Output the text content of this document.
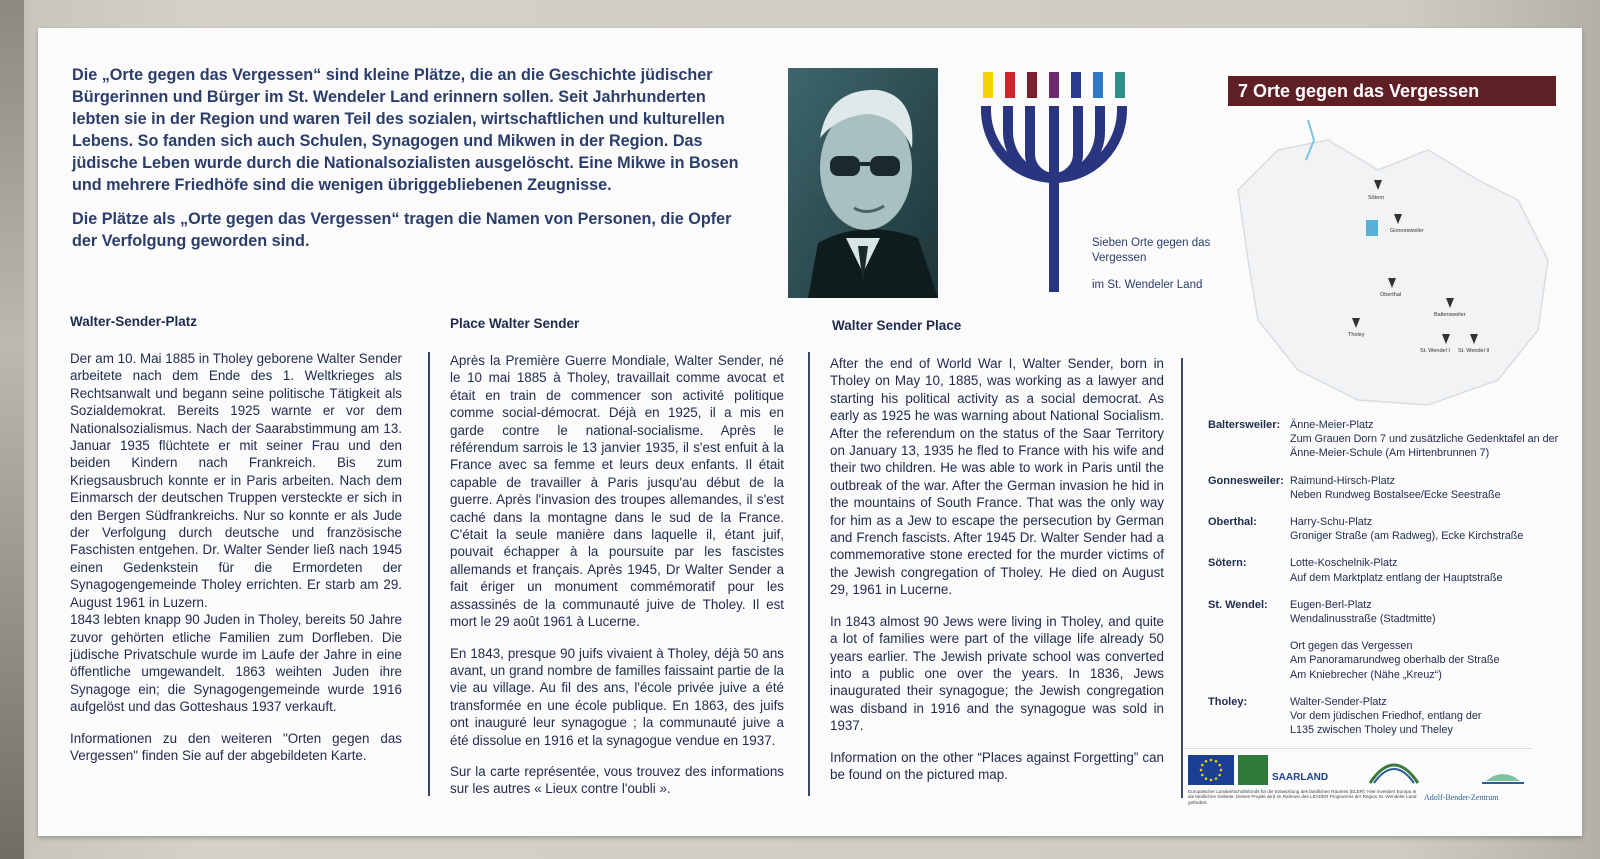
Die „Orte gegen das Vergessen“ sind kleine Plätze, die an die Geschichte jüdischer Bürgerinnen und Bürger im St. Wendeler Land erinnern sollen. Seit Jahrhunderten lebten sie in der Region und waren Teil des sozialen, wirtschaftlichen und kulturellen Lebens. So fanden sich auch Schulen, Synagogen und Mikwen in der Region. Das jüdische Leben wurde durch die Nationalsozialisten ausgelöscht. Eine Mikwe in Bosen und mehrere Friedhöfe sind die wenigen übriggebliebenen Zeugnisse.

Die Plätze als „Orte gegen das Vergessen“ tragen die Namen von Personen, die Opfer der Verfolgung geworden sind.	Sieben Orte gegen das Vergessen
im St. Wendeler Land
7 Orte gegen das Vergessen
Sötern
Gonnesweiler
Oberthal
Baltersweiler
Tholey
St. Wendel I St. Wendel II
Walter-Sender-Platz

Der am 10. Mai 1885 in Tholey geborene Walter Sender arbeitete nach dem Ende des 1. Weltkrieges als Rechtsanwalt und begann seine politische Tätigkeit als Sozialdemokrat. Bereits 1925 warnte er vor dem Nationalsozialismus. Nach der Saarabstimmung am 13. Januar 1935 flüchtete er mit seiner Frau und den beiden Kindern nach Frankreich. Bis zum Kriegsausbruch konnte er in Paris arbeiten. Nach dem Einmarsch der deutschen Truppen versteckte er sich in den Bergen Südfrankreichs. Nur so konnte er als Jude der Verfolgung durch deutsche und französische Faschisten entgehen. Dr. Walter Sender ließ nach 1945 einen Gedenkstein für die Ermordeten der Synagogengemeinde Tholey errichten. Er starb am 29. August 1961 in Luzern.

1843 lebten knapp 90 Juden in Tholey, bereits 50 Jahre zuvor gehörten etliche Familien zum Dorfleben. Die jüdische Privatschule wurde im Laufe der Jahre in eine öffentliche umgewandelt. 1863 weihten Juden ihre Synagoge ein; die Synagogengemeinde wurde 1916 aufgelöst und das Gotteshaus 1937 verkauft.

Informationen zu den weiteren "Orten gegen das Vergessen" finden Sie auf der abgebildeten Karte.

Place Walter Sender

Après la Première Guerre Mondiale, Walter Sender, né le 10 mai 1885 à Tholey, travaillait comme avocat et était en train de commencer son activité politique comme social-démocrat. Déjà en 1925, il a mis en garde contre le national-socialisme. Après le référendum sarrois le 13 janvier 1935, il s'est enfuit à la France avec sa femme et leurs deux enfants. Il était capable de travailler à Paris jusqu'au début de la guerre. Après l'invasion des troupes allemandes, il s'est caché dans la montagne dans le sud de la France. C'était la seule manière dans laquelle il, étant juif, pouvait échapper à la poursuite par les fascistes allemands et français. Après 1945, Dr Walter Sender a fait ériger un monument commémoratif pour les assassinés de la communauté juive de Tholey. Il est mort le 29 août 1961 à Lucerne.

En 1843, presque 90 juifs vivaient à Tholey, déjà 50 ans avant, un grand nombre de familles faissaint partie de la vie au village. Au fil des ans, l'école privée juive a été transformée en une école publique. En 1863, des juifs ont inauguré leur synagogue ; la communauté juive a été dissolue en 1916 et la synagogue vendue en 1937.

Sur la carte représentée, vous trouvez des informations sur les autres « Lieux contre l'oubli ».

Walter Sender Place

After the end of World War I, Walter Sender, born in Tholey on May 10, 1885, was working as a lawyer and starting his political activity as a social democrat. As early as 1925 he was warning about National Socialism. After the referendum on the status of the Saar Territory on January 13, 1935 he fled to France with his wife and their two children. He was able to work in Paris until the outbreak of the war. After the German invasion he hid in the mountains of South France. That was the only way for him as a Jew to escape the persecution by German and French fascists. After 1945 Dr. Walter Sender had a commemorative stone erected for the murder victims of the Jewish congregation of Tholey. He died on August 29, 1961 in Lucerne.

In 1843 almost 90 Jews were living in Tholey, and quite a lot of families were part of the village life already 50 years earlier. The Jewish private school was converted into a public one over the years. In 1836, Jews inaugurated their synagogue; the Jewish congregation was disband in 1916 and the synagogue was sold in 1937.

Information on the other “Places against Forgetting” can be found on the pictured map.

Baltersweiler: Änne-Meier-Platz
Zum Grauen Dorn 7 und zusätzliche Gedenktafel an der Änne-Meier-Schule (Am Hirtenbrunnen 7)
Gonnesweiler: Raimund-Hirsch-Platz
Neben Rundweg Bostalsee/Ecke Seestraße
Oberthal:	Harry-Schu-Platz
Groniger Straße (am Radweg), Ecke Kirchstraße
Sötern:	Lotte-Koschelnik-Platz
Auf dem Marktplatz entlang der Hauptstraße
St. Wendel:	Eugen-Berl-Platz
Wendalinusstraße (Stadtmitte)
Ort gegen das Vergessen
Am Panoramarundweg oberhalb der Straße
Am Kniebrecher (Nähe „Kreuz“)
Tholey:	Walter-Sender-Platz
Vor dem jüdischen Friedhof, entlang der
L135 zwischen Tholey und Theley
SAARLAND
Europäischer Landwirtschaftsfonds für die Entwicklung des ländlichen Raumes (ELER): Hier investiert Europa in die ländlichen Gebiete. Dieses Projekt wird im Rahmen des LEADER Programms der Region St. Wendeler Land gefördert.
Adolf-Bender-Zentrum
